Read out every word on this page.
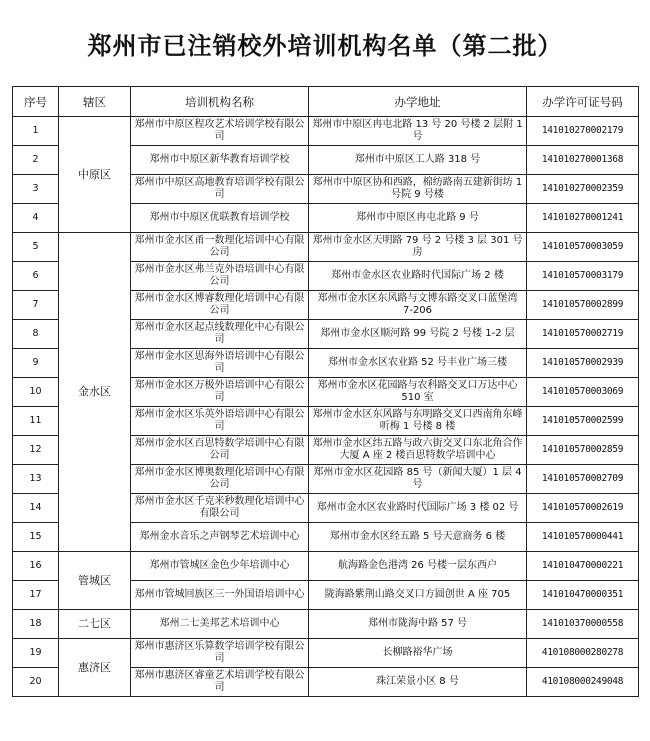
郑州市已注销校外培训机构名单（第二批）
序号	辖区	培训机构名称	办学地址	办学许可证号码
1	中原区	郑州市中原区程攻艺术培训学校有限公司	郑州市中原区冉屯北路 13 号 20 号楼 2 层附 1 号	141010270002179
2		郑州市中原区新华教育培训学校	郑州市中原区工人路 318 号	141010270001368
3		郑州市中原区高地教育培训学校有限公司	郑州市中原区协和西路，棉纺路南五建新街坊 1 号院 9 号楼	141010270002359
4		郑州市中原区优联教育培训学校	郑州市中原区冉屯北路 9 号	141010270001241
5	金水区	郑州市金水区甬一数理化培训中心有限公司	郑州市金水区天明路 79 号 2 号楼 3 层 301 号房	141010570003059
6		郑州市金水区弗兰克外语培训中心有限公司	郑州市金水区农业路时代国际广场 2 楼	141010570003179
7		郑州市金水区博睿数理化培训中心有限公司	郑州市金水区东风路与文博东路交叉口蓝堡湾 7-206	141010570002899
8		郑州市金水区起点线数理化中心有限公司	郑州市金水区顺河路 99 号院 2 号楼 1-2 层	141010570002719
9		郑州市金水区思海外语培训中心有限公司	郑州市金水区农业路 52 号丰业广场三楼	141010570002939
10		郑州市金水区万极外语培训中心有限公司	郑州市金水区花园路与农科路交叉口万达中心 510 室	141010570003069
11		郑州市金水区乐英外语培训中心有限公司	郑州市金水区东风路与东明路交叉口西南角东峰听梅 1 号楼 8 楼	141010570002599
12		郑州市金水区百思特数学培训中心有限公司	郑州市金水区纬五路与政六街交叉口东北角合作大厦 A 座 2 楼百思特数学培训中心	141010570002859
13		郑州市金水区博奥数理化培训中心有限公司	郑州市金水区花园路 85 号（新闻大厦）1 层 4 号	141010570002709
14		郑州市金水区千克米秒数理化培训中心有限公司	郑州市金水区农业路时代国际广场 3 楼 02 号	141010570002619
15		郑州金水音乐之声钢琴艺术培训中心	郑州市金水区经五路 5 号天意商务 6 楼	141010570000441
16	管城区	郑州市管城区金色少年培训中心	航海路金色港湾 26 号楼一层东西户	141010470000221
17		郑州市管城回族区三一外国语培训中心	陇海路紫荆山路交叉口方圆创世 A 座 705	141010470000351
18	二七区	郑州二七美邦艺术培训中心	郑州市陇海中路 57 号	141010370000558
19	惠济区	郑州市惠济区乐算数学培训学校有限公司	长柳路裕华广场	410108000280278
20		郑州市惠济区睿童艺术培训学校有限公司	珠江荣景小区 8 号	410108000249048
